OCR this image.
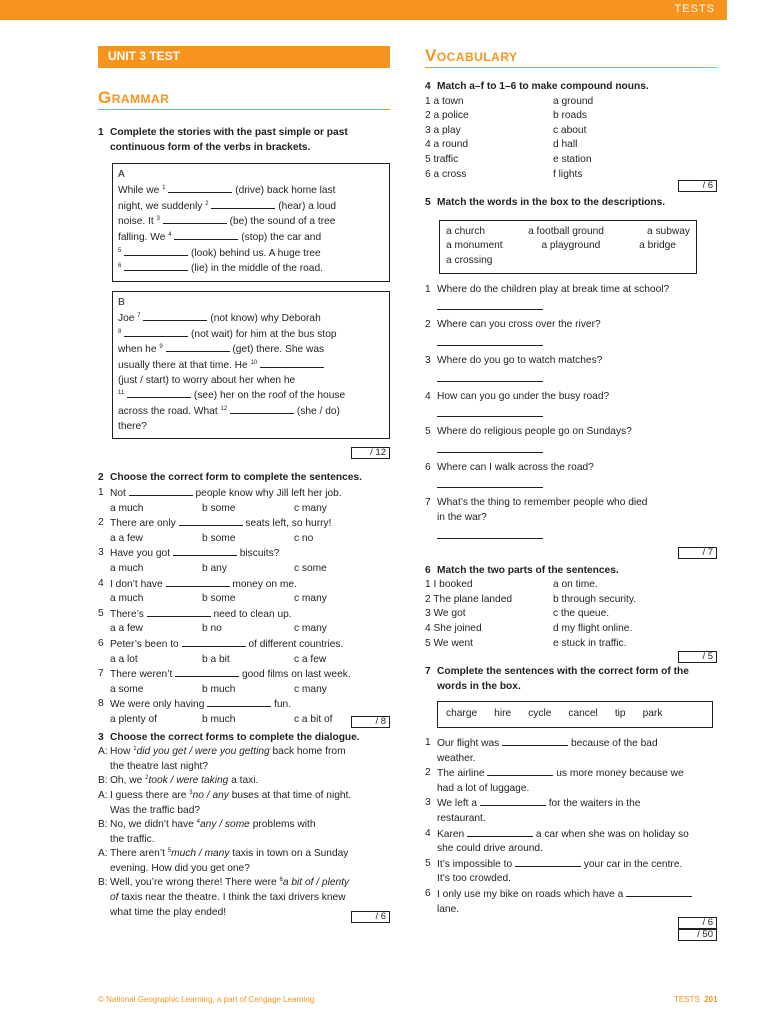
TESTS
UNIT 3 TEST
Grammar
1 Complete the stories with the past simple or past continuous form of the verbs in brackets.
A
While we $^1$	(drive) back home last
night, we suddenly $^2$	(hear) a loud
noise. It $^3$	(be) the sound of a tree
falling. We $^4$	(stop) the car and
$^5$	(look) behind us. A huge tree
$^6$	(lie) in the middle of the road.
B
Joe $^7$	(not know) why Deborah
$^8$	(not wait) for him at the bus stop
when he $^9$	(get) there. She was
usually there at that time. He $^{10}$
(just / start) to worry about her when he
$^{11}$	(see) her on the roof of the house
across the road. What $^{12}$	(she / do)
there?
/ 12
2 Choose the correct form to complete the sentences.
1 Not	people know why Jill left her job.
a much	b some	c many
2 There are only	seats left, so hurry!
a a few	b some	c no
3 Have you got	biscuits?
a much	b any	c some
4 I don’t have	money on me.
a much	b some	c many
5 There’s	need to clean up.
a a few	b no	c many
6 Peter’s been to	of different countries.
a a lot	b a bit	c a few
7 There weren’t	good films on last week.
a some	b much	c many
8 We were only having	fun.
a plenty of	b much	c a bit of	/ 8
3 Choose the correct forms to complete the dialogue.
A: How $^1$did you get / were you getting back home from
the theatre last night?
B: Oh, we $^2$took / were taking a taxi.
A: I guess there are $^3$no / any buses at that time of night.
Was the traffic bad?
B: No, we didn’t have $^4$any / some problems with
the traffic.
A: There aren’t $^5$much / many taxis in town on a Sunday
evening. How did you get one?
B: Well, you’re wrong there! There were $^6$a bit of / plenty
of taxis near the theatre. I think the taxi drivers knew
what time the play ended!	/ 6
Vocabulary
4 Match a–f to 1–6 to make compound nouns.
1 a town	a ground
2 a police	b roads
3 a play	c about
4 a round	d hall
5 traffic	e station
6 a cross	f lights
/ 6
5 Match the words in the box to the descriptions.
a church	a football ground	a subway
a monument	a playground	a bridge
a crossing
1 Where do the children play at break time at school?
2 Where can you cross over the river?
3 Where do you go to watch matches?
4 How can you go under the busy road?
5 Where do religious people go on Sundays?
6 Where can I walk across the road?
7 What’s the thing to remember people who died
in the war?
/ 7
6 Match the two parts of the sentences.
1 I booked	a on time.
2 The plane landed	b through security.
3 We got	c the queue.
4 She joined	d my flight online.
5 We went	e stuck in traffic.
/ 5
7 Complete the sentences with the correct form of the words in the box.
charge hire cycle cancel tip park
1 Our flight was	because of the bad
weather.
2 The airline	us more money because we
had a lot of luggage.
3 We left a	for the waiters in the
restaurant.
4 Karen	a car when she was on holiday so
she could drive around.
5 It’s impossible to	your car in the centre.
It’s too crowded.
6 I only use my bike on roads which have a
lane.
/ 6
/ 50
© National Geographic Learning, a part of Cengage Learning	TESTS 201
